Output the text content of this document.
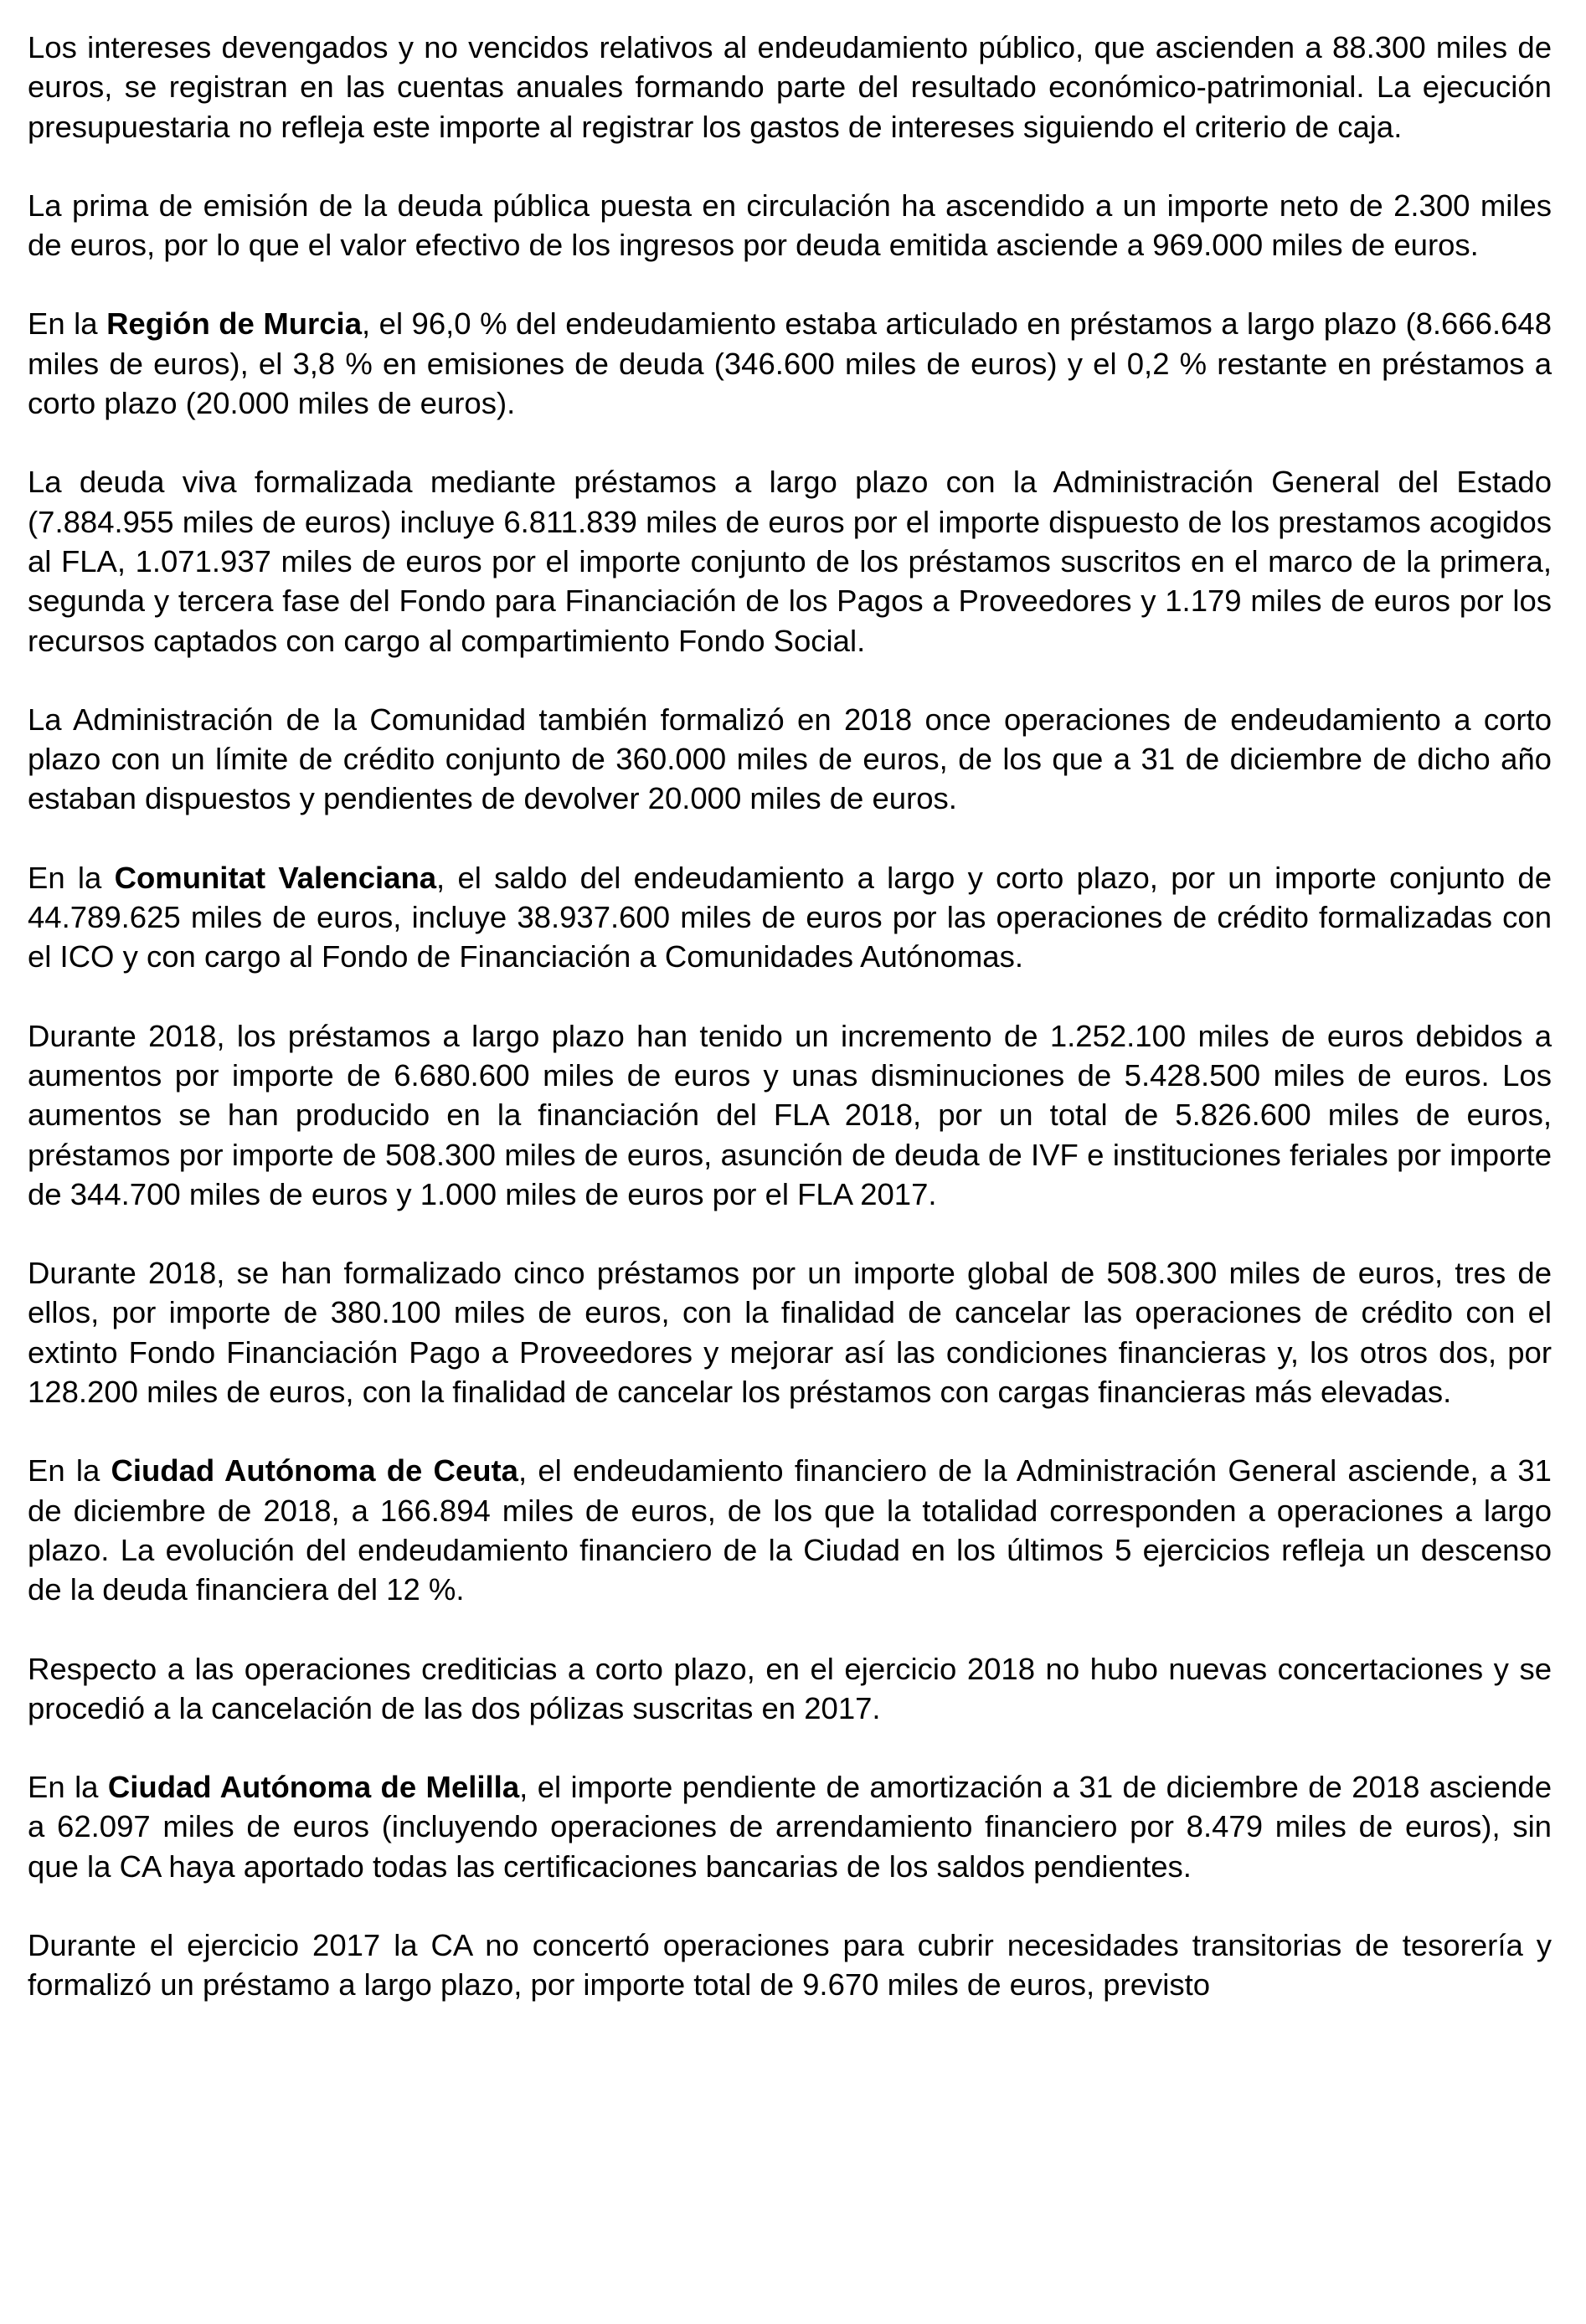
Los intereses devengados y no vencidos relativos al endeudamiento público, que ascienden a 88.300 miles de euros, se registran en las cuentas anuales formando parte del resultado económico-patrimonial. La ejecución presupuestaria no refleja este importe al registrar los gastos de intereses siguiendo el criterio de caja.

La prima de emisión de la deuda pública puesta en circulación ha ascendido a un importe neto de 2.300 miles de euros, por lo que el valor efectivo de los ingresos por deuda emitida asciende a 969.000 miles de euros.

En la Región de Murcia, el 96,0 % del endeudamiento estaba articulado en préstamos a largo plazo (8.666.648 miles de euros), el 3,8 % en emisiones de deuda (346.600 miles de euros) y el 0,2 % restante en préstamos a corto plazo (20.000 miles de euros).

La deuda viva formalizada mediante préstamos a largo plazo con la Administración General del Estado (7.884.955 miles de euros) incluye 6.811.839 miles de euros por el importe dispuesto de los prestamos acogidos al FLA, 1.071.937 miles de euros por el importe conjunto de los préstamos suscritos en el marco de la primera, segunda y tercera fase del Fondo para Financiación de los Pagos a Proveedores y 1.179 miles de euros por los recursos captados con cargo al compartimiento Fondo Social.

La Administración de la Comunidad también formalizó en 2018 once operaciones de endeudamiento a corto plazo con un límite de crédito conjunto de 360.000 miles de euros, de los que a 31 de diciembre de dicho año estaban dispuestos y pendientes de devolver 20.000 miles de euros.

En la Comunitat Valenciana, el saldo del endeudamiento a largo y corto plazo, por un importe conjunto de 44.789.625 miles de euros, incluye 38.937.600 miles de euros por las operaciones de crédito formalizadas con el ICO y con cargo al Fondo de Financiación a Comunidades Autónomas.

Durante 2018, los préstamos a largo plazo han tenido un incremento de 1.252.100 miles de euros debidos a aumentos por importe de 6.680.600 miles de euros y unas disminuciones de 5.428.500 miles de euros. Los aumentos se han producido en la financiación del FLA 2018, por un total de 5.826.600 miles de euros, préstamos por importe de 508.300 miles de euros, asunción de deuda de IVF e instituciones feriales por importe de 344.700 miles de euros y 1.000 miles de euros por el FLA 2017.

Durante 2018, se han formalizado cinco préstamos por un importe global de 508.300 miles de euros, tres de ellos, por importe de 380.100 miles de euros, con la finalidad de cancelar las operaciones de crédito con el extinto Fondo Financiación Pago a Proveedores y mejorar así las condiciones financieras y, los otros dos, por 128.200 miles de euros, con la finalidad de cancelar los préstamos con cargas financieras más elevadas.

En la Ciudad Autónoma de Ceuta, el endeudamiento financiero de la Administración General asciende, a 31 de diciembre de 2018, a 166.894 miles de euros, de los que la totalidad corresponden a operaciones a largo plazo. La evolución del endeudamiento financiero de la Ciudad en los últimos 5 ejercicios refleja un descenso de la deuda financiera del 12 %.

Respecto a las operaciones crediticias a corto plazo, en el ejercicio 2018 no hubo nuevas concertaciones y se procedió a la cancelación de las dos pólizas suscritas en 2017.

En la Ciudad Autónoma de Melilla, el importe pendiente de amortización a 31 de diciembre de 2018 asciende a 62.097 miles de euros (incluyendo operaciones de arrendamiento financiero por 8.479 miles de euros), sin que la CA haya aportado todas las certificaciones bancarias de los saldos pendientes.

Durante el ejercicio 2017 la CA no concertó operaciones para cubrir necesidades transitorias de tesorería y formalizó un préstamo a largo plazo, por importe total de 9.670 miles de euros, previsto
